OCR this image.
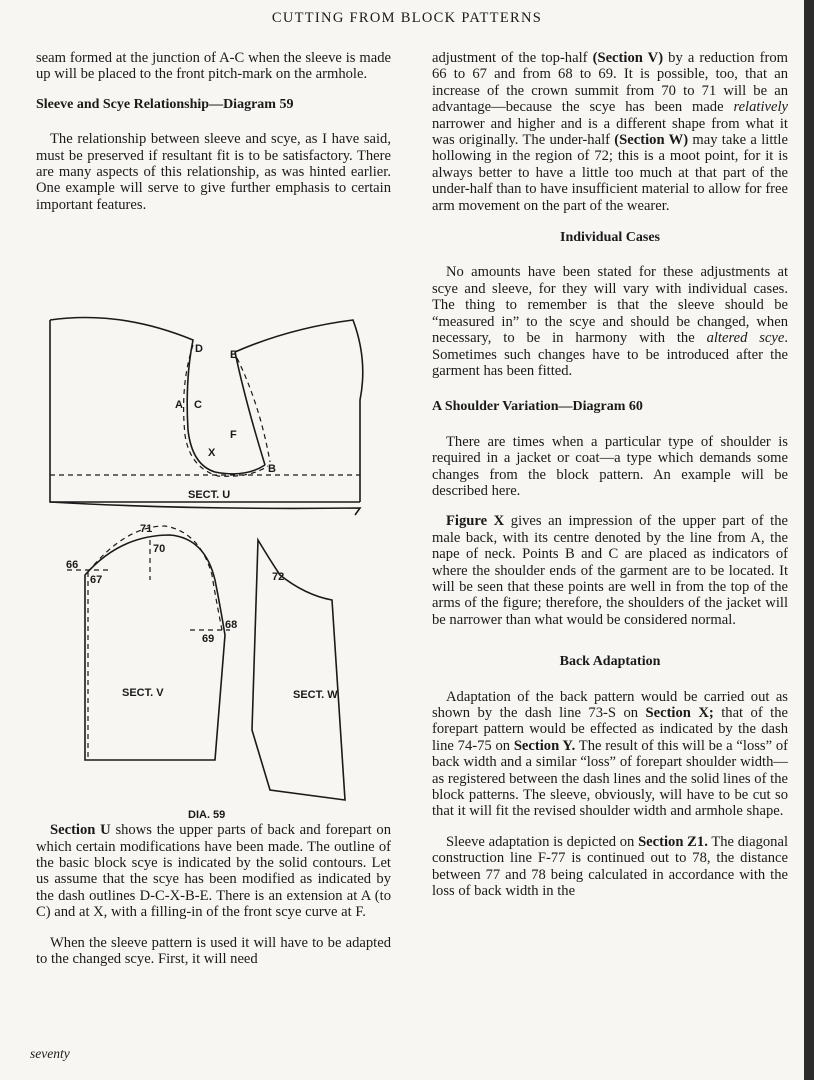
CUTTING FROM BLOCK PATTERNS

seam formed at the junction of A-C when the sleeve is made up will be placed to the front pitch-mark on the armhole.

Sleeve and Scye Relationship—Diagram 59

The relationship between sleeve and scye, as I have said, must be preserved if resultant fit is to be satisfactory. There are many aspects of this relationship, as was hinted earlier. One example will serve to give further emphasis to certain important features.

Section U shows the upper parts of back and forepart on which certain modifications have been made. The outline of the basic block scye is indicated by the solid contours. Let us assume that the scye has been modified as indicated by the dash outlines D-C-X-B-E. There is an extension at A (to C) and at X, with a filling-in of the front scye curve at F.

When the sleeve pattern is used it will have to be adapted to the changed scye. First, it will need

D E
A C
F
X
B
SECT. U
71
70
66
67
68
69
72
SECT. V	SECT. W
DIA. 59

adjustment of the top-half (Section V) by a reduction from 66 to 67 and from 68 to 69. It is possible, too, that an increase of the crown summit from 70 to 71 will be an advantage—because the scye has been made relatively narrower and higher and is a different shape from what it was originally. The under-half (Section W) may take a little hollowing in the region of 72; this is a moot point, for it is always better to have a little too much at that part of the under-half than to have insufficient material to allow for free arm movement on the part of the wearer.

Individual Cases

No amounts have been stated for these adjustments at scye and sleeve, for they will vary with individual cases. The thing to remember is that the sleeve should be “measured in” to the scye and should be changed, when necessary, to be in harmony with the altered scye. Sometimes such changes have to be introduced after the garment has been fitted.

A Shoulder Variation—Diagram 60

There are times when a particular type of shoulder is required in a jacket or coat—a type which demands some changes from the block pattern. An example will be described here.

Figure X gives an impression of the upper part of the male back, with its centre denoted by the line from A, the nape of neck. Points B and C are placed as indicators of where the shoulder ends of the garment are to be located. It will be seen that these points are well in from the top of the arms of the figure; therefore, the shoulders of the jacket will be narrower than what would be considered normal.

Back Adaptation

Adaptation of the back pattern would be carried out as shown by the dash line 73-S on Section X; that of the forepart pattern would be effected as indicated by the dash line 74-75 on Section Y. The result of this will be a “loss” of back width and a similar “loss” of forepart shoulder width—as registered between the dash lines and the solid lines of the block patterns. The sleeve, obviously, will have to be cut so that it will fit the revised shoulder width and armhole shape.

Sleeve adaptation is depicted on Section Z1. The diagonal construction line F-77 is continued out to 78, the distance between 77 and 78 being calculated in accordance with the loss of back width in the

seventy
